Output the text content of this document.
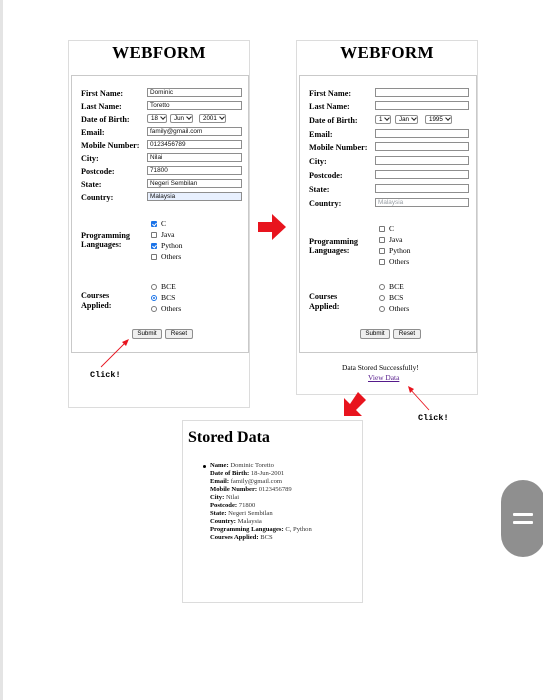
WEBFORM
First Name:	Dominic
Last Name:	Toretto
Date of Birth:	18	Jun	2001
Email:	family@gmail.com
Mobile Number:	0123456789
City:	Nilai
Postcode:	71800
State:	Negeri Sembilan
Country:	Malaysia
Programming
Languages:
C
Java
Python
Others
Courses
Applied:
BCE
BCS
Others
Submit	Reset
Click!
WEBFORM
First Name:
Last Name:
Date of Birth:	1	Jan	1995
Email:
Mobile Number:
City:
Postcode:
State:
Country:	Malaysia
Programming
Languages:
C
Java
Python
Others
Courses
Applied:
BCE
BCS
Others
Submit	Reset
Data Stored Successfully!
View Data
Click!
Stored Data
Name: Dominic Toretto
Date of Birth: 18-Jun-2001
Email: family@gmail.com
Mobile Number: 0123456789
City: Nilai
Postcode: 71800
State: Negeri Sembilan
Country: Malaysia
Programming Languages: C, Python
Courses Applied: BCS
